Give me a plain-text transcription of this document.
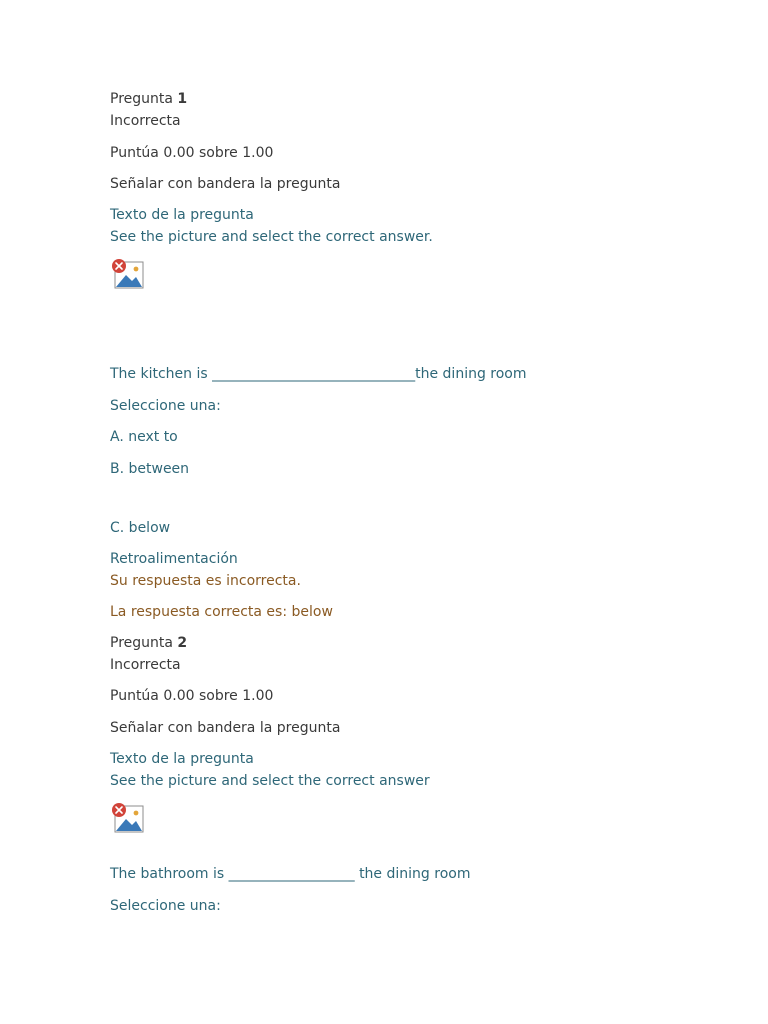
Pregunta 1
Incorrecta
Puntúa 0.00 sobre 1.00
Señalar con bandera la pregunta
Texto de la pregunta
See the picture and select the correct answer.
The kitchen is _____________________________the dining room
Seleccione una:
A. next to
B. between
C. below
Retroalimentación
Su respuesta es incorrecta.
La respuesta correcta es: below
Pregunta 2
Incorrecta
Puntúa 0.00 sobre 1.00
Señalar con bandera la pregunta
Texto de la pregunta
See the picture and select the correct answer
The bathroom is __________________ the dining room
Seleccione una:
